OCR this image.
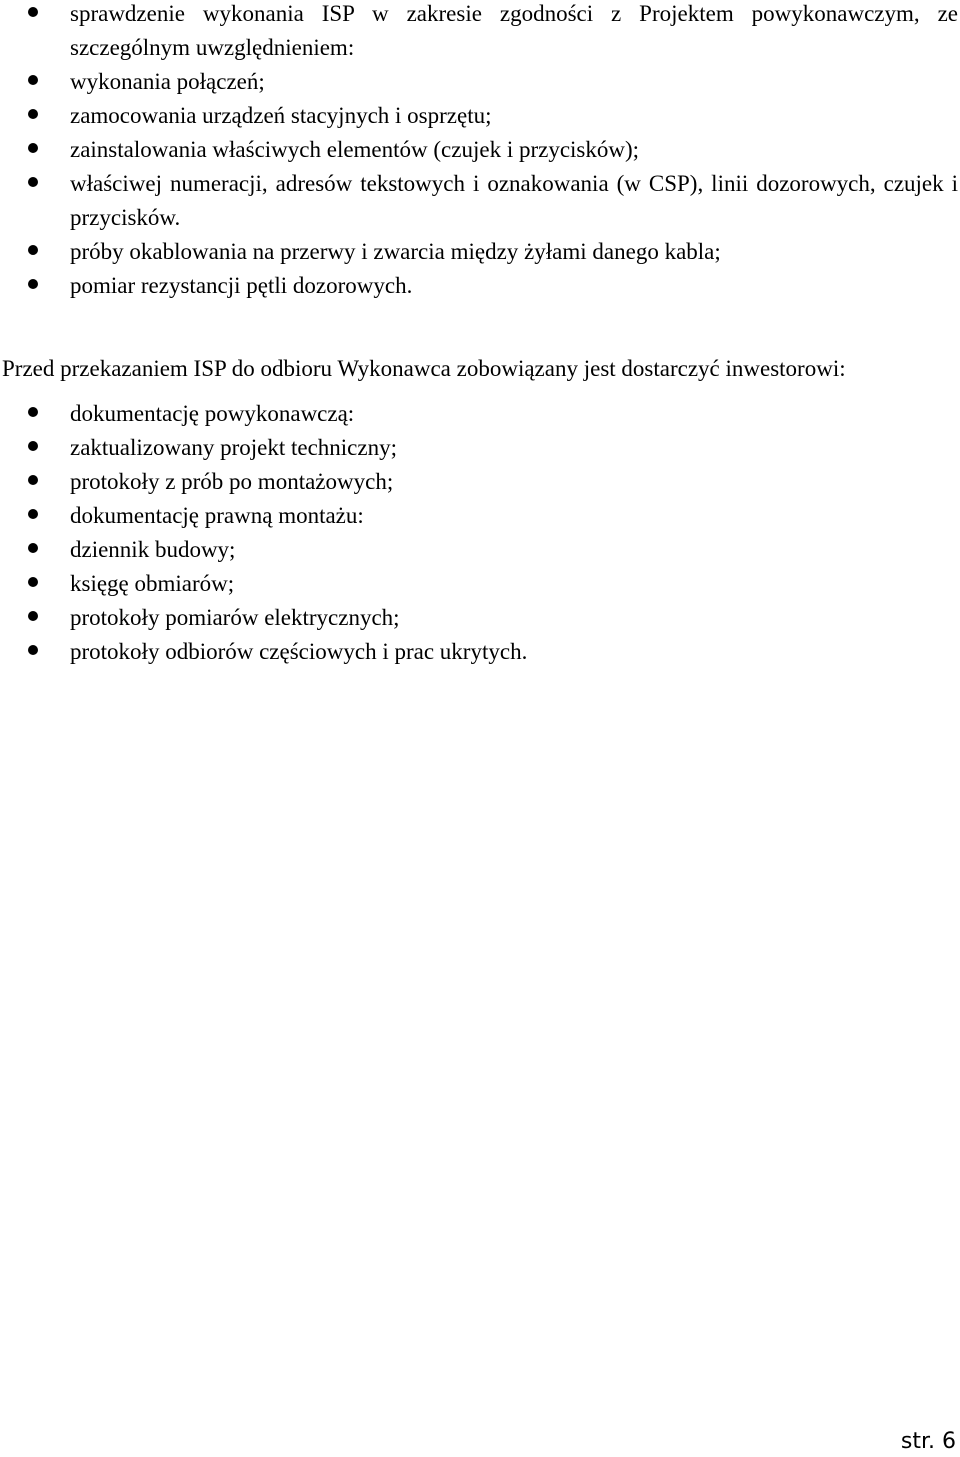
sprawdzenie wykonania ISP w zakresie zgodności z Projektem powykonawczym, ze szczególnym uwzględnieniem:
wykonania połączeń;
zamocowania urządzeń stacyjnych i osprzętu;
zainstalowania właściwych elementów (czujek i przycisków);
właściwej numeracji, adresów tekstowych i oznakowania (w CSP), linii dozorowych, czujek i przycisków.
próby okablowania na przerwy i zwarcia między żyłami danego kabla;
pomiar rezystancji pętli dozorowych.

Przed przekazaniem ISP do odbioru Wykonawca zobowiązany jest dostarczyć inwestorowi:

dokumentację powykonawczą:
zaktualizowany projekt techniczny;
protokoły z prób po montażowych;
dokumentację prawną montażu:
dziennik budowy;
księgę obmiarów;
protokoły pomiarów elektrycznych;
protokoły odbiorów częściowych i prac ukrytych.
str. 6
